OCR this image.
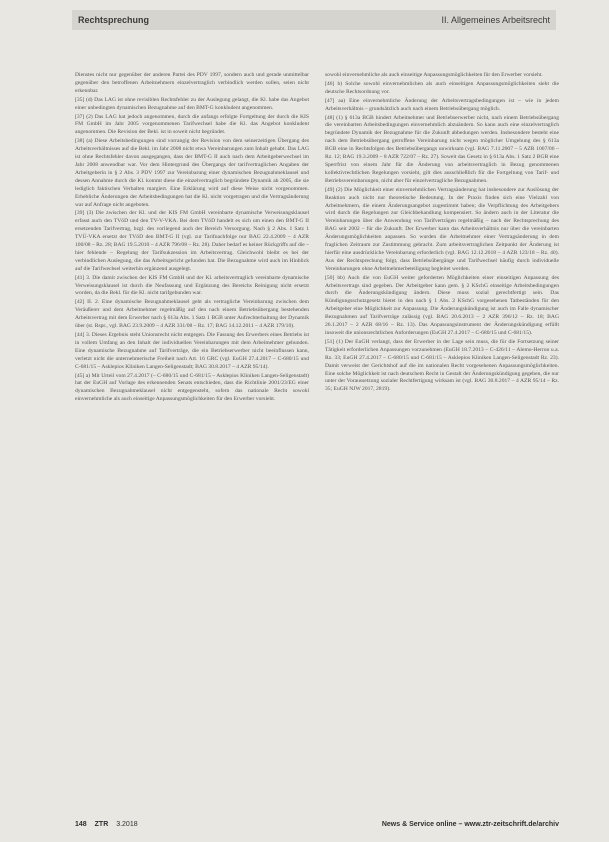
Rechtsprechung	II. Allgemeines Arbeitsrecht

Dienstes nicht nur gegenüber der anderen Partei des PDV 1997, sondern auch und gerade unmittelbar gegenüber den betroffenen Arbeitnehmern einzelvertraglich verbindlich werden sollen, seien nicht erkennbar.

[35] (d) Das LAG ist ohne revisiblen Rechtsfehler zu der Auslegung gelangt, die Kl. habe das Angebot einer unbedingten dynamischen Bezugnahme auf den BMT-G konkludent angenommen.

[37] (2) Das LAG hat jedoch angenommen, durch die anfangs erfolgte Fortgeltung der durch die KIS FM GmbH im Jahr 2005 vorgenommenen Tarifwechsel habe die Kl. das Angebot konkludent angenommen. Die Revision der Bekl. ist in soweit nicht begründet.

[38] (a) Diese Arbeitsbedingungen sind vorrangig der Revision von dem seinerzeitigen Übergang des Arbeitsverhältnisses auf die Bekl. im Jahr 2008 nicht etwa Vereinbarungen zum Inhalt gehabt. Das LAG ist ohne Rechtsfehler davon ausgegangen, dass der BMT-G II auch nach dem Arbeitgeberwechsel im Jahr 2008 anwendbar war. Vor dem Hintergrund des Übergangs der tarifvertraglichen Angaben der Arbeitgeberin in § 2 Abs. 3 PDV 1997 zur Vereinbarung einer dynamischen Bezugnahmeklausel und dessen Annahme durch die Kl. kommt diese die einzelvertraglich begründete Dynamik ab 2005, die sie lediglich faktischen Verhalten margiert. Eine Erklärung wird auf diese Weise nicht vorgenommen. Erhebliche Änderungen der Arbeitsbedingungen hat die Kl. nicht vorgetragen und die Vertragsänderung war auf Anfrage nicht angeboten.

[39] (3) Die zwischen der Kl. und der KIS FM GmbH vereinbarte dynamische Verweisungsklausel erfasst auch den TVöD und den TV-V-VKA. Bei dem TVöD handelt es sich um einen den BMT-G II ersetzenden Tarifvertrag, bzgl. des vorliegend auch der Bereich Versorgung. Nach § 2 Abs. 1 Satz 1 TVÜ-VKA ersetzt der TVöD den BMT-G II (vgl. zur Tarifnachfolge nur BAG 22.4.2009 – 4 AZR 100/08 – Rz. 28; BAG 19.5.2010 – 4 AZR 796/08 – Rz. 28). Daher bedarf es keiner Rückgriffs auf die – hier fehlende – Regelung der Tarifsukzession im Arbeitsvertrag. Gleichwohl bleibt es bei der verbindlichen Auslegung, die das Arbeitsgericht gefunden hat. Die Bezugnahme wird auch im Hinblick auf die Tarifwechsel weiterhin ergänzend ausgelegt.

[41] 3. Die damit zwischen der KIS FM GmbH und der Kl. arbeitsvertraglich vereinbarte dynamische Verweisungsklausel ist durch die Neufassung und Ergänzung des Bereichs Reinigung nicht ersetzt worden, da die Bekl. für die Kl. nicht tarifgebunden war.

[42] II. 2. Eine dynamische Bezugnahmeklausel geht als vertragliche Vereinbarung zwischen dem Veräußerer und dem Arbeitnehmer regelmäßig auf den nach einem Betriebsübergang bestehenden Arbeitsvertrag mit dem Erwerber nach § 613a Abs. 1 Satz 1 BGB unter Aufrechterhaltung der Dynamik über (st. Rspr., vgl. BAG 23.9.2009 – 4 AZR 331/08 – Rz. 17; BAG 14.12.2011 – 4 AZR 179/10).

[44] 3. Dieses Ergebnis steht Unionsrecht nicht entgegen. Die Fassung des Erwerbers eines Betriebs ist in vollem Umfang an den Inhalt der individuellen Vereinbarungen mit dem Arbeitnehmer gebunden. Eine dynamische Bezugnahme auf Tarifverträge, die ein Betriebserwerber nicht beeinflussen kann, verletzt nicht die unternehmerische Freiheit nach Art. 16 GRC (vgl. EuGH 27.4.2017 – C-680/15 und C-681/15 – Asklepios Kliniken Langen-Seligenstadt; BAG 30.8.2017 – 4 AZR 95/14).

[45] a) Mit Urteil vom 27.4.2017 (– C-680/15 und C-681/15 – Asklepios Kliniken Langen-Seligenstadt) hat der EuGH auf Vorlage des erkennenden Senats entschieden, dass die Richtlinie 2001/23/EG einer dynamischen Bezugnahmeklausel nicht entgegensteht, sofern das nationale Recht sowohl einvernehmliche als auch einseitige Anpassungsmöglichkeiten für den Erwerber vorsieht.

sowohl einvernehmliche als auch einseitige Anpassungsmöglichkeiten für den Erwerber vorsieht.

[46] b) Solche sowohl einvernehmlichen als auch einseitigen Anpassungsmöglichkeiten sieht die deutsche Rechtsordnung vor.

[47] aa) Eine einvernehmliche Änderung der Arbeitsvertragsbedingungen ist – wie in jedem Arbeitsverhältnis – grundsätzlich auch nach einem Betriebsübergang möglich.

[48] (1) § 613a BGB hindert Arbeitnehmer und Betriebserwerber nicht, nach einem Betriebsübergang die vereinbarten Arbeitsbedingungen einvernehmlich abzuändern. So kann auch eine einzelvertraglich begründete Dynamik der Bezugnahme für die Zukunft abbedungen werden. Insbesondere besteht eine nach dem Betriebsübergang getroffene Vereinbarung nicht wegen möglicher Umgehung des § 613a BGB eine in Rechtsfolgen des Betriebsübergangs unwirksam (vgl. BAG 7.11.2007 – 5 AZR 1007/06 – Rz. 12; BAG 19.3.2009 – 8 AZR 722/07 – Rz. 27). Soweit das Gesetz in § 613a Abs. 1 Satz 2 BGB eine Sperrfrist von einem Jahr für die Änderung von arbeitsvertraglich in Bezug genommenen kollektivrechtlichen Regelungen vorsieht, gilt dies ausschließlich für die Fortgeltung von Tarif- und Betriebsvereinbarungen, nicht aber für einzelvertragliche Bezugnahmen.

[49] (2) Die Möglichkeit einer einvernehmlichen Vertragsänderung hat insbesondere zur Auslösung der Reaktion auch nicht nur theoretische Bedeutung. In der Praxis finden sich eine Vielzahl von Arbeitnehmern, die einem Änderungsangebot zugestimmt haben; die Verpflichtung des Arbeitgebers wird durch die Regelungen zur Gleichbehandlung kompensiert. So ändern auch in der Literatur die Vereinbarungen über die Anwendung von Tarifverträgen regelmäßig – nach der Rechtsprechung des BAG seit 2002 – für die Zukunft. Der Erwerber kann das Arbeitsverhältnis nur über die vereinbarten Änderungsmöglichkeiten anpassen. So wurden die Arbeitnehmer einer Vertragsänderung in dem fraglichen Zeitraum zur Zustimmung gebracht. Zum arbeitsvertraglichen Zeitpunkt der Änderung ist hierfür eine ausdrückliche Vereinbarung erforderlich (vgl. BAG 12.12.2018 – 4 AZR 123/18 – Rz. 40). Aus der Rechtsprechung folgt, dass Betriebsübergänge und Tarifwechsel häufig durch individuelle Vereinbarungen ohne Arbeitnehmerbeteiligung begleitet werden.

[50] bb) Auch die von EuGH weiter geforderten Möglichkeiten einer einseitigen Anpassung des Arbeitsvertrags sind gegeben. Der Arbeitgeber kann gem. § 2 KSchG einseitige Arbeitsbedingungen durch die Änderungskündigung ändern. Diese muss sozial gerechtfertigt sein. Das Kündigungsschutzgesetz bietet in den nach § 1 Abs. 2 KSchG vorgesehenen Tatbeständen für den Arbeitgeber eine Möglichkeit zur Anpassung. Die Änderungskündigung ist auch im Falle dynamischer Bezugnahmen auf Tarifverträge zulässig (vgl. BAG 20.6.2013 – 2 AZR 396/12 – Rz. 18; BAG 26.1.2017 – 2 AZR 68/16 – Rz. 13). Das Anpassungsinstrument der Änderungskündigung erfüllt insoweit die unionsrechtlichen Anforderungen (EuGH 27.4.2017 – C-680/15 und C-681/15).

[51] (1) Der EuGH verlangt, dass der Erwerber in der Lage sein muss, die für die Fortsetzung seiner Tätigkeit erforderlichen Anpassungen vorzunehmen (EuGH 18.7.2013 – C-426/11 – Alemo-Herron u.a. Rz. 33; EuGH 27.4.2017 – C-680/15 und C-681/15 – Asklepios Kliniken Langen-Seligenstadt Rz. 23). Damit verweist der Gerichtshof auf die im nationalen Recht vorgesehenen Anpassungsmöglichkeiten. Eine solche Möglichkeit ist nach deutschem Recht in Gestalt der Änderungskündigung gegeben, die nur unter der Voraussetzung sozialer Rechtfertigung wirksam ist (vgl. BAG 30.8.2017 – 4 AZR 95/14 – Rz. 35; EuGH NJW 2017, 2819).

148 ZTR 3.2018	News & Service online – www.ztr-zeitschrift.de/archiv
